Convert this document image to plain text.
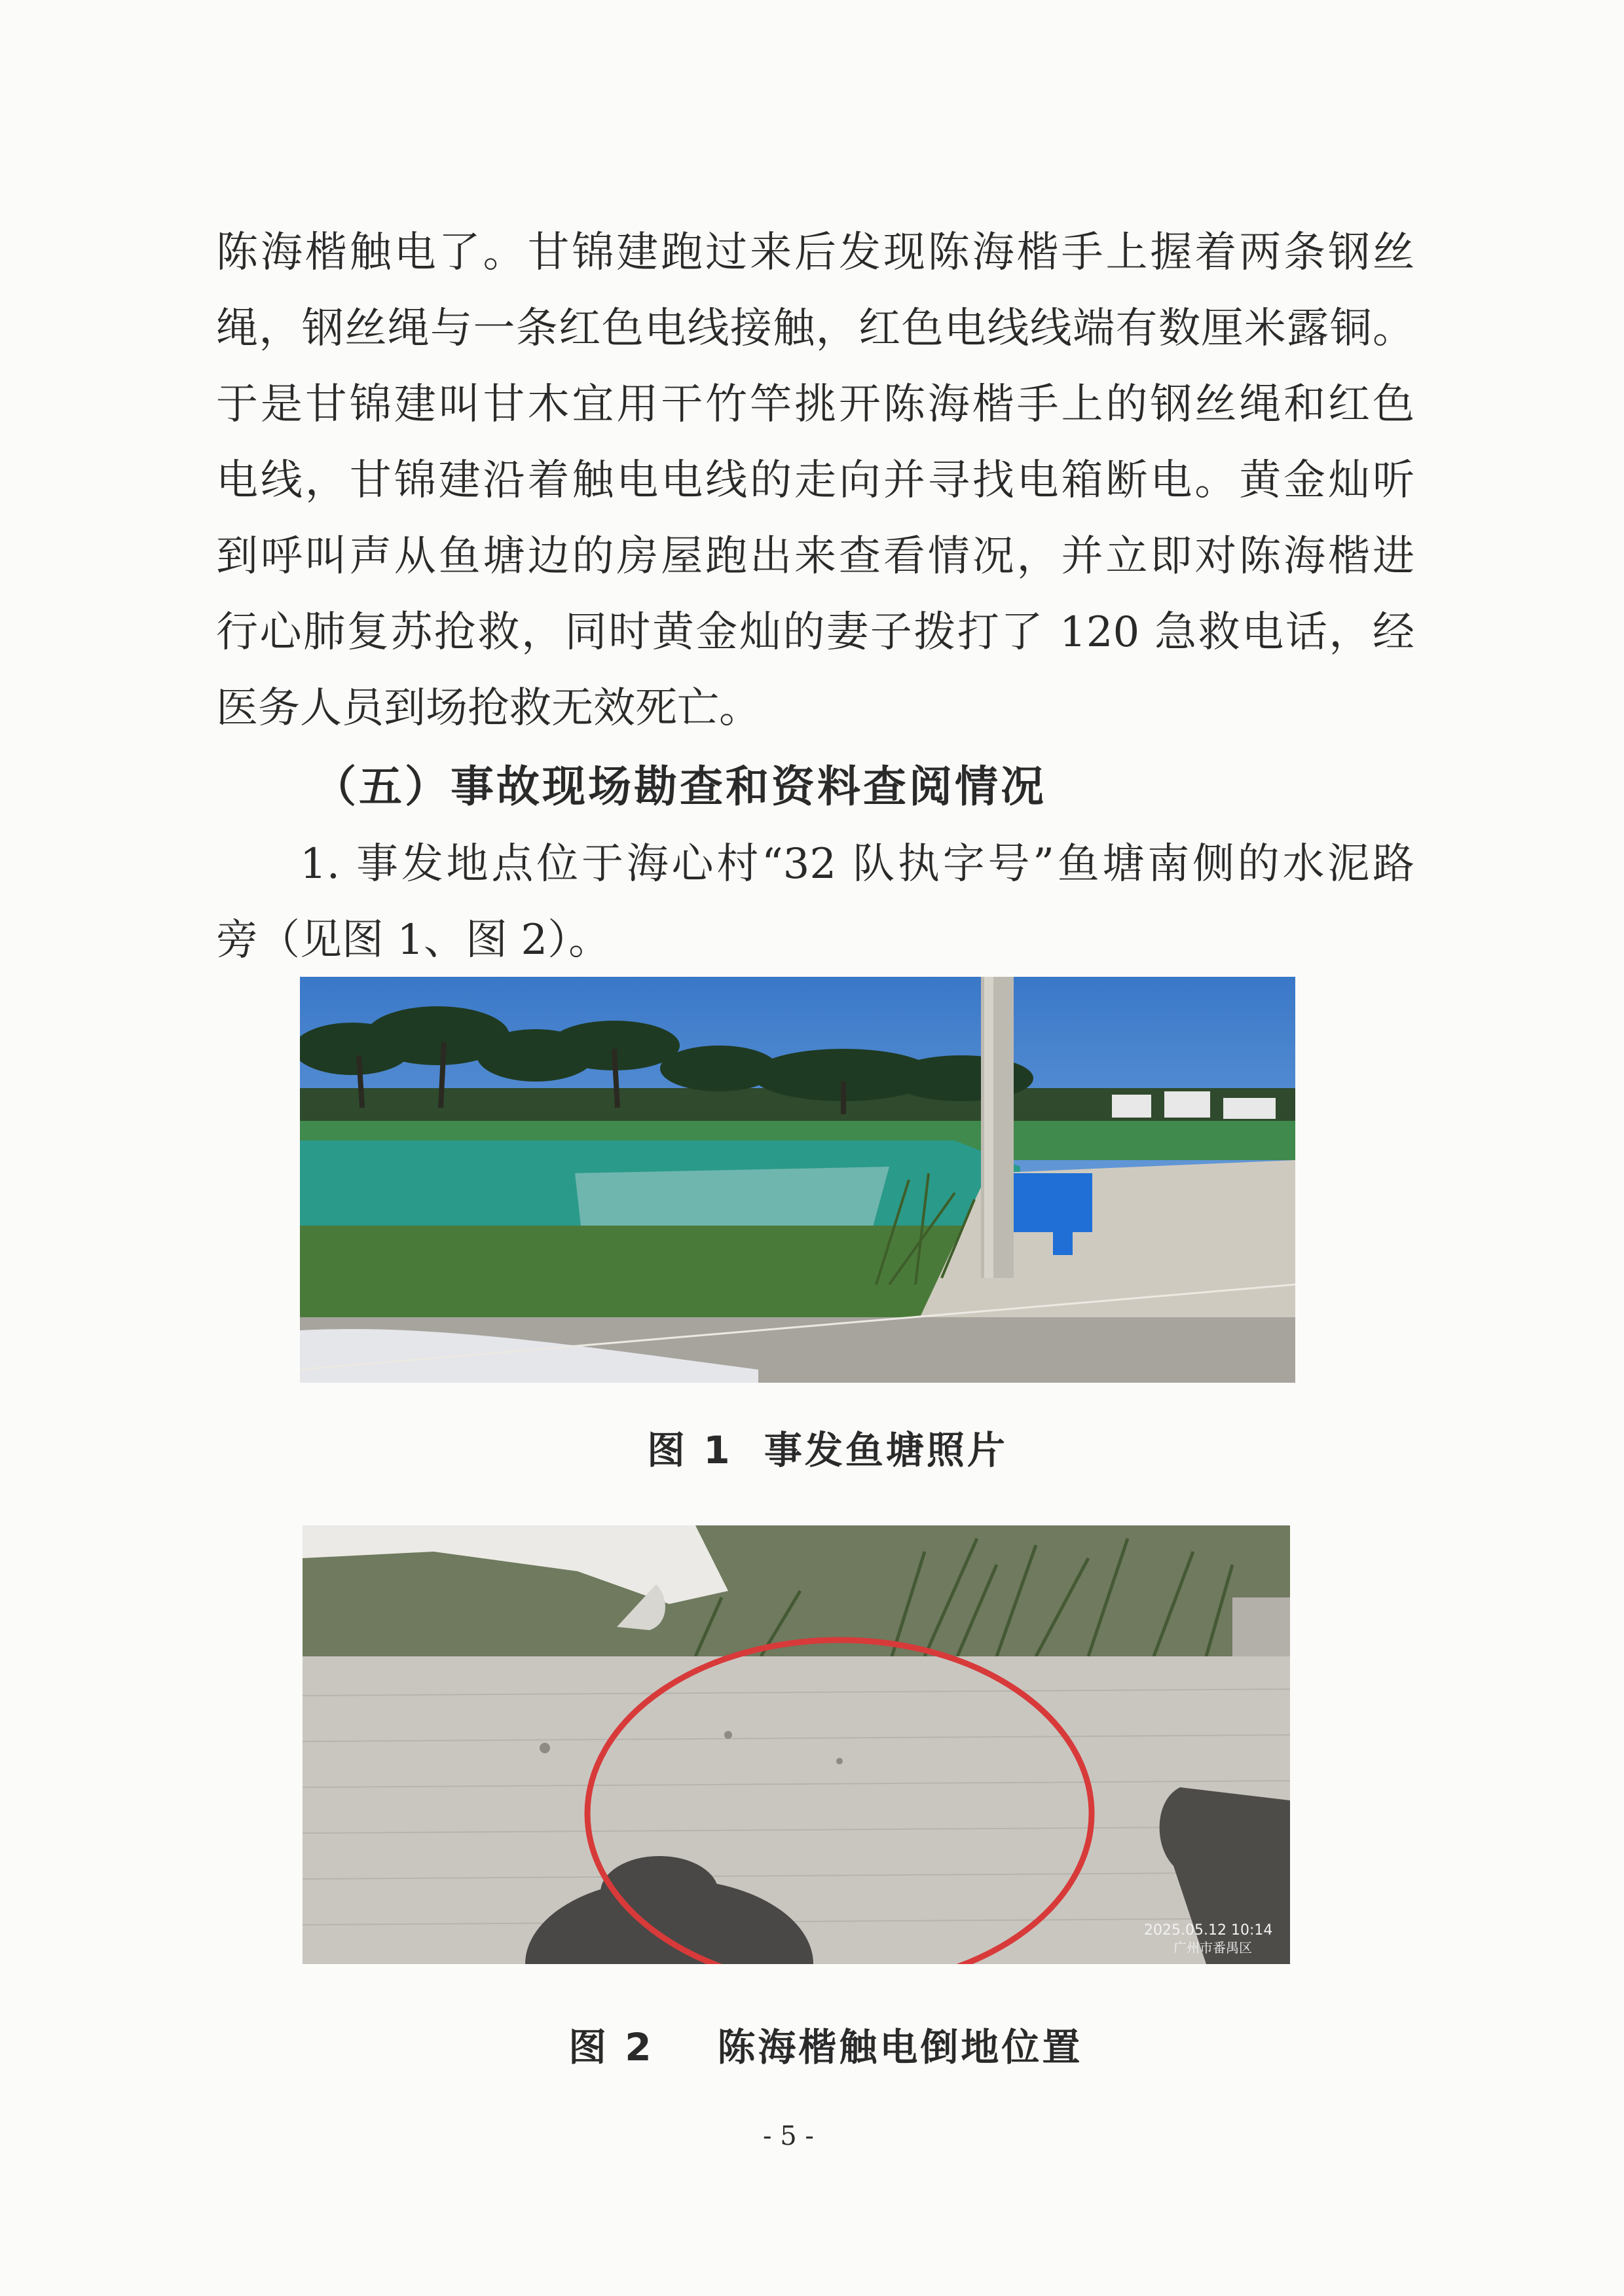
陈海楷触电了。甘锦建跑过来后发现陈海楷手上握着两条钢丝
绳，钢丝绳与一条红色电线接触，红色电线线端有数厘米露铜。
于是甘锦建叫甘木宜用干竹竿挑开陈海楷手上的钢丝绳和红色
电线，甘锦建沿着触电电线的走向并寻找电箱断电。黄金灿听
到呼叫声从鱼塘边的房屋跑出来查看情况，并立即对陈海楷进
行心肺复苏抢救，同时黄金灿的妻子拨打了 120 急救电话，经
医务人员到场抢救无效死亡。
（五）事故现场勘查和资料查阅情况
1. 事发地点位于海心村“32 队执字号”鱼塘南侧的水泥路
旁（见图 1、图 2）。
图 1  事发鱼塘照片
2025.05.12 10:14
广州市番禺区
图 2    陈海楷触电倒地位置
- 5 -
